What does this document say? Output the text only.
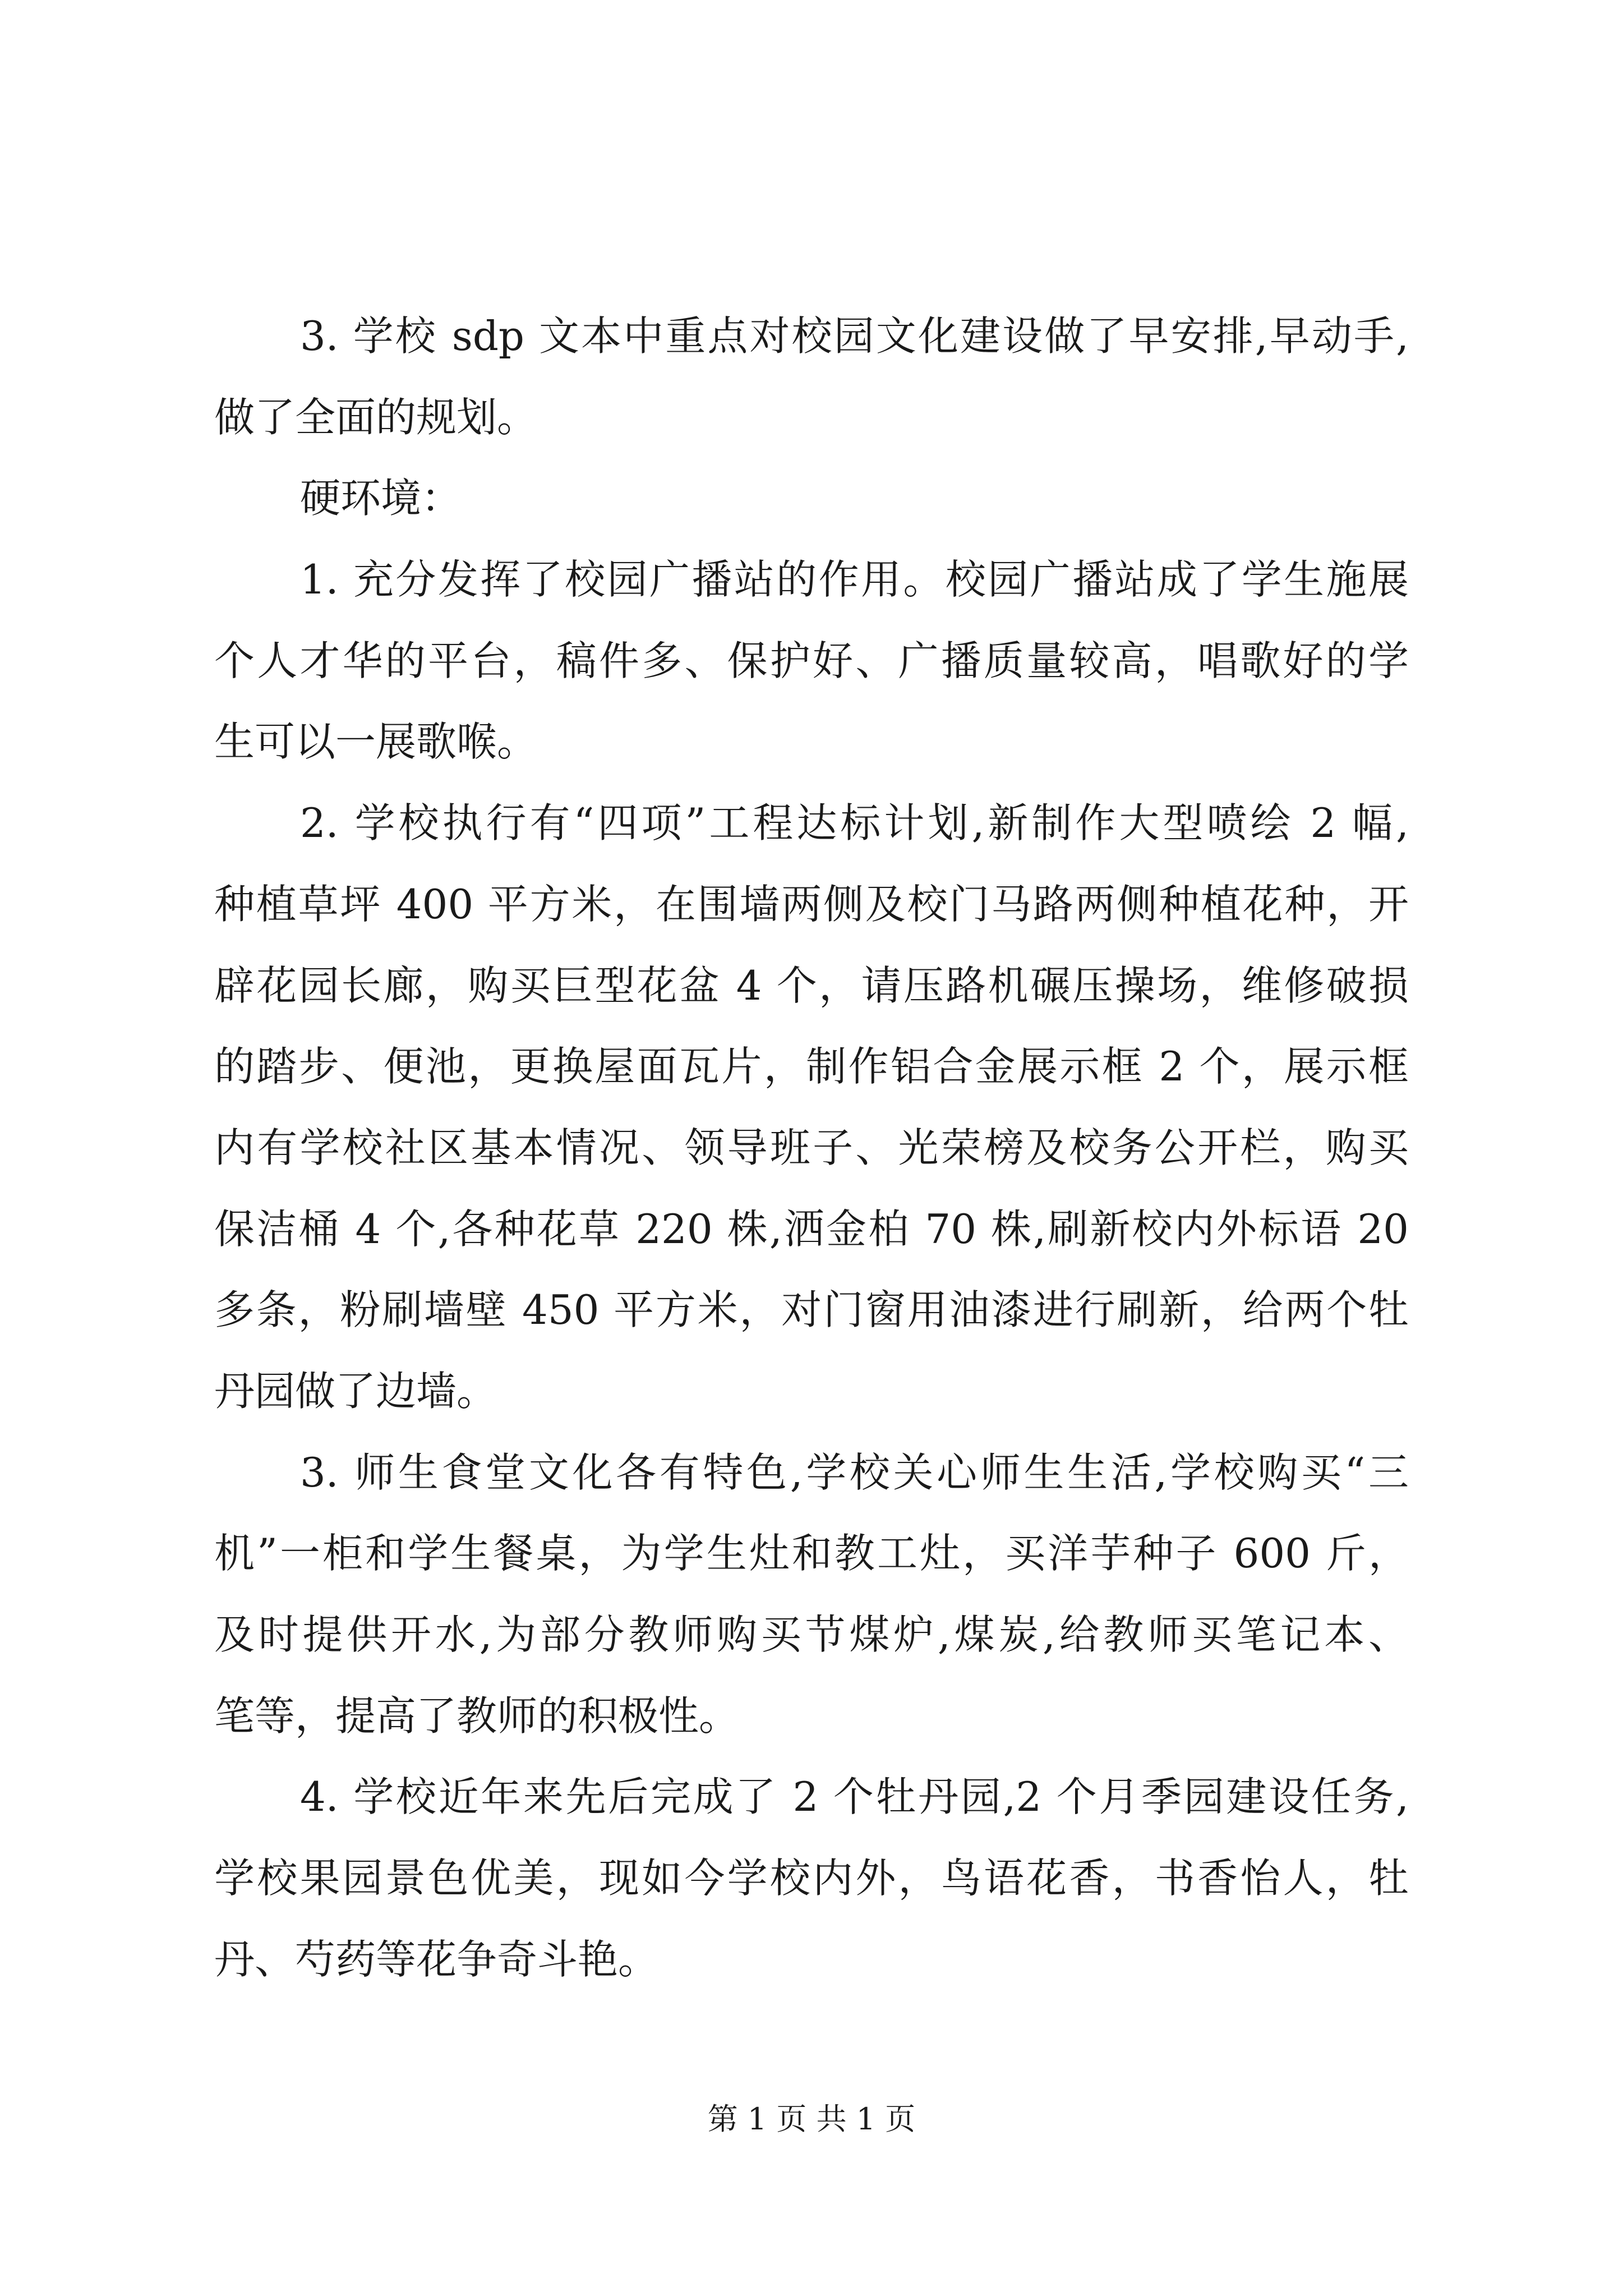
3. 学校 sdp 文本中重点对校园文化建设做了早安排,早动手,
做了全面的规划。
硬环境：
1. 充分发挥了校园广播站的作用。校园广播站成了学生施展
个人才华的平台，稿件多、保护好、广播质量较高，唱歌好的学
生可以一展歌喉。
2. 学校执行有“四项”工程达标计划,新制作大型喷绘 2 幅,
种植草坪 400 平方米，在围墙两侧及校门马路两侧种植花种，开
辟花园长廊，购买巨型花盆 4 个，请压路机碾压操场，维修破损
的踏步、便池，更换屋面瓦片，制作铝合金展示框 2 个，展示框
内有学校社区基本情况、领导班子、光荣榜及校务公开栏，购买
保洁桶 4 个,各种花草 220 株,洒金柏 70 株,刷新校内外标语 20
多条，粉刷墙壁 450 平方米，对门窗用油漆进行刷新，给两个牡
丹园做了边墙。
3. 师生食堂文化各有特色,学校关心师生生活,学校购买“三
机”一柜和学生餐桌，为学生灶和教工灶，买洋芋种子 600 斤，
及时提供开水,为部分教师购买节煤炉,煤炭,给教师买笔记本、
笔等，提高了教师的积极性。
4. 学校近年来先后完成了 2 个牡丹园,2 个月季园建设任务,
学校果园景色优美，现如今学校内外，鸟语花香，书香怡人，牡
丹、芍药等花争奇斗艳。
第 1 页 共 1 页
